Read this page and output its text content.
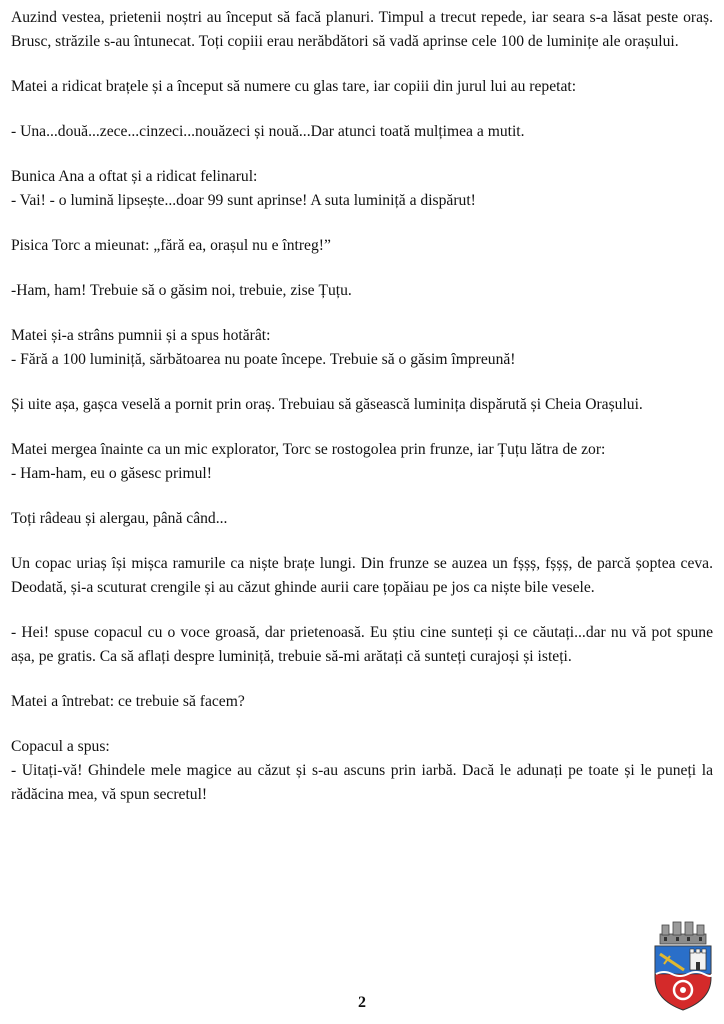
Auzind vestea, prietenii noștri au început să facă planuri. Timpul a trecut repede, iar seara s-a lăsat peste oraș. Brusc, străzile s-au întunecat. Toți copiii erau nerăbdători să vadă aprinse cele 100 de luminițe ale orașului.

Matei a ridicat brațele și a început să numere cu glas tare, iar copiii din jurul lui au repetat:

- Una...două...zece...cinzeci...nouăzeci și nouă...Dar atunci toată mulțimea a mutit.

Bunica Ana a oftat și a ridicat felinarul:
- Vai! - o lumină lipsește...doar 99 sunt aprinse! A suta luminiță a dispărut!

Pisica Torc a mieunat: „fără ea, orașul nu e întreg!”

-Ham, ham! Trebuie să o găsim noi, trebuie, zise Țuțu.

Matei și-a strâns pumnii și a spus hotărât:
- Fără a 100 luminiță, sărbătoarea nu poate începe. Trebuie să o găsim împreună!

Și uite așa, gașca veselă a pornit prin oraș. Trebuiau să găsească luminița dispărută și Cheia Orașului.

Matei mergea înainte ca un mic explorator, Torc se rostogolea prin frunze, iar Țuțu lătra de zor:
- Ham-ham, eu o găsesc primul!

Toți râdeau și alergau, până când...

Un copac uriaș își mișca ramurile ca niște brațe lungi. Din frunze se auzea un fșșș, fșșș, de parcă șoptea ceva. Deodată, și-a scuturat crengile și au căzut ghinde aurii care țopăiau pe jos ca niște bile vesele.

- Hei! spuse copacul cu o voce groasă, dar prietenoasă. Eu știu cine sunteți și ce căutați...dar nu vă pot spune așa, pe gratis. Ca să aflați despre luminiță, trebuie să-mi arătați că sunteți curajoși și isteți.

Matei a întrebat: ce trebuie să facem?

Copacul a spus:
- Uitați-vă! Ghindele mele magice au căzut și s-au ascuns prin iarbă. Dacă le adunați pe toate și le puneți la rădăcina mea, vă spun secretul!

2
